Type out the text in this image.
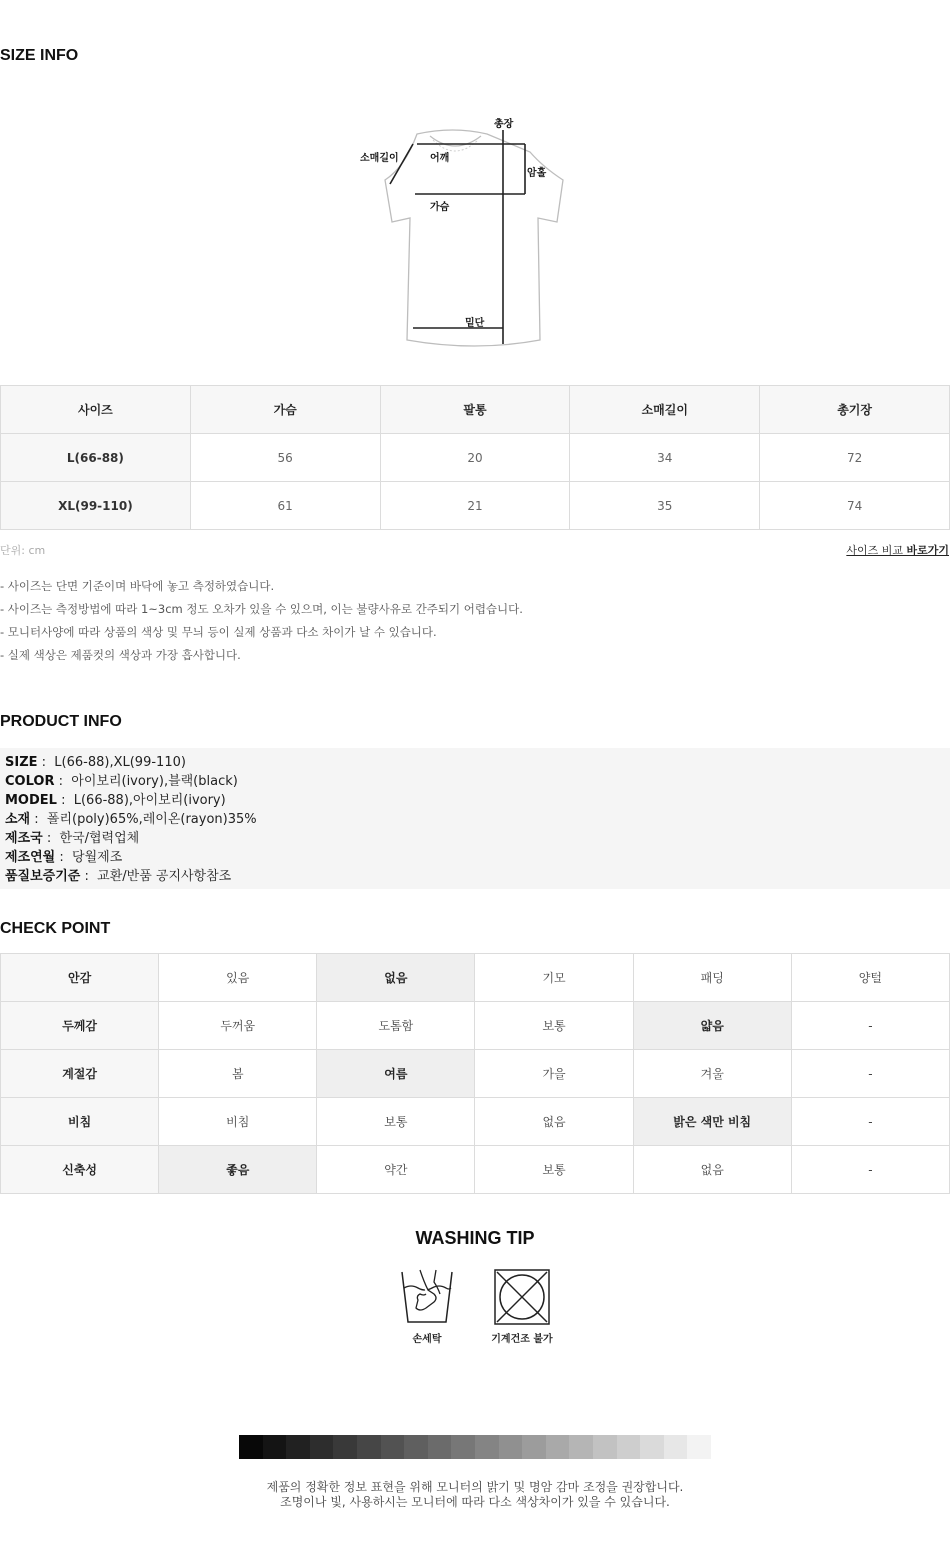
SIZE INFO
총장
소매길이	어깨
암홀
가슴
밑단
사이즈	가슴	팔통	소매길이	총기장
L(66-88)	56	20	34	72
XL(99-110)	61	21	35	74
단위: cm	사이즈 비교 바로가기
- 사이즈는 단면 기준이며 바닥에 놓고 측정하였습니다.
- 사이즈는 측정방법에 따라 1~3cm 정도 오차가 있을 수 있으며, 이는 불량사유로 간주되기 어렵습니다.
- 모니터사양에 따라 상품의 색상 및 무늬 등이 실제 상품과 다소 차이가 날 수 있습니다.
- 실제 색상은 제품컷의 색상과 가장 흡사합니다.
PRODUCT INFO
SIZE :  L(66-88),XL(99-110)
COLOR :  아이보리(ivory),블랙(black)
MODEL :  L(66-88),아이보리(ivory)
소재 :  폴리(poly)65%,레이온(rayon)35%
제조국 :  한국/협력업체
제조연월 :  당월제조
품질보증기준 :  교환/반품 공지사항참조
CHECK POINT
안감	있음	없음	기모	패딩	양털
두께감	두꺼움	도톰함	보통	얇음	-
계절감	봄	여름	가을	겨울	-
비침	비침	보통	없음	밝은 색만 비침	-
신축성	좋음	약간	보통	없음	-
WASHING TIP
손세탁	기계건조 불가
제품의 정확한 정보 표현을 위해 모니터의 밝기 및 명암 감마 조정을 권장합니다.
조명이나 빛, 사용하시는 모니터에 따라 다소 색상차이가 있을 수 있습니다.
